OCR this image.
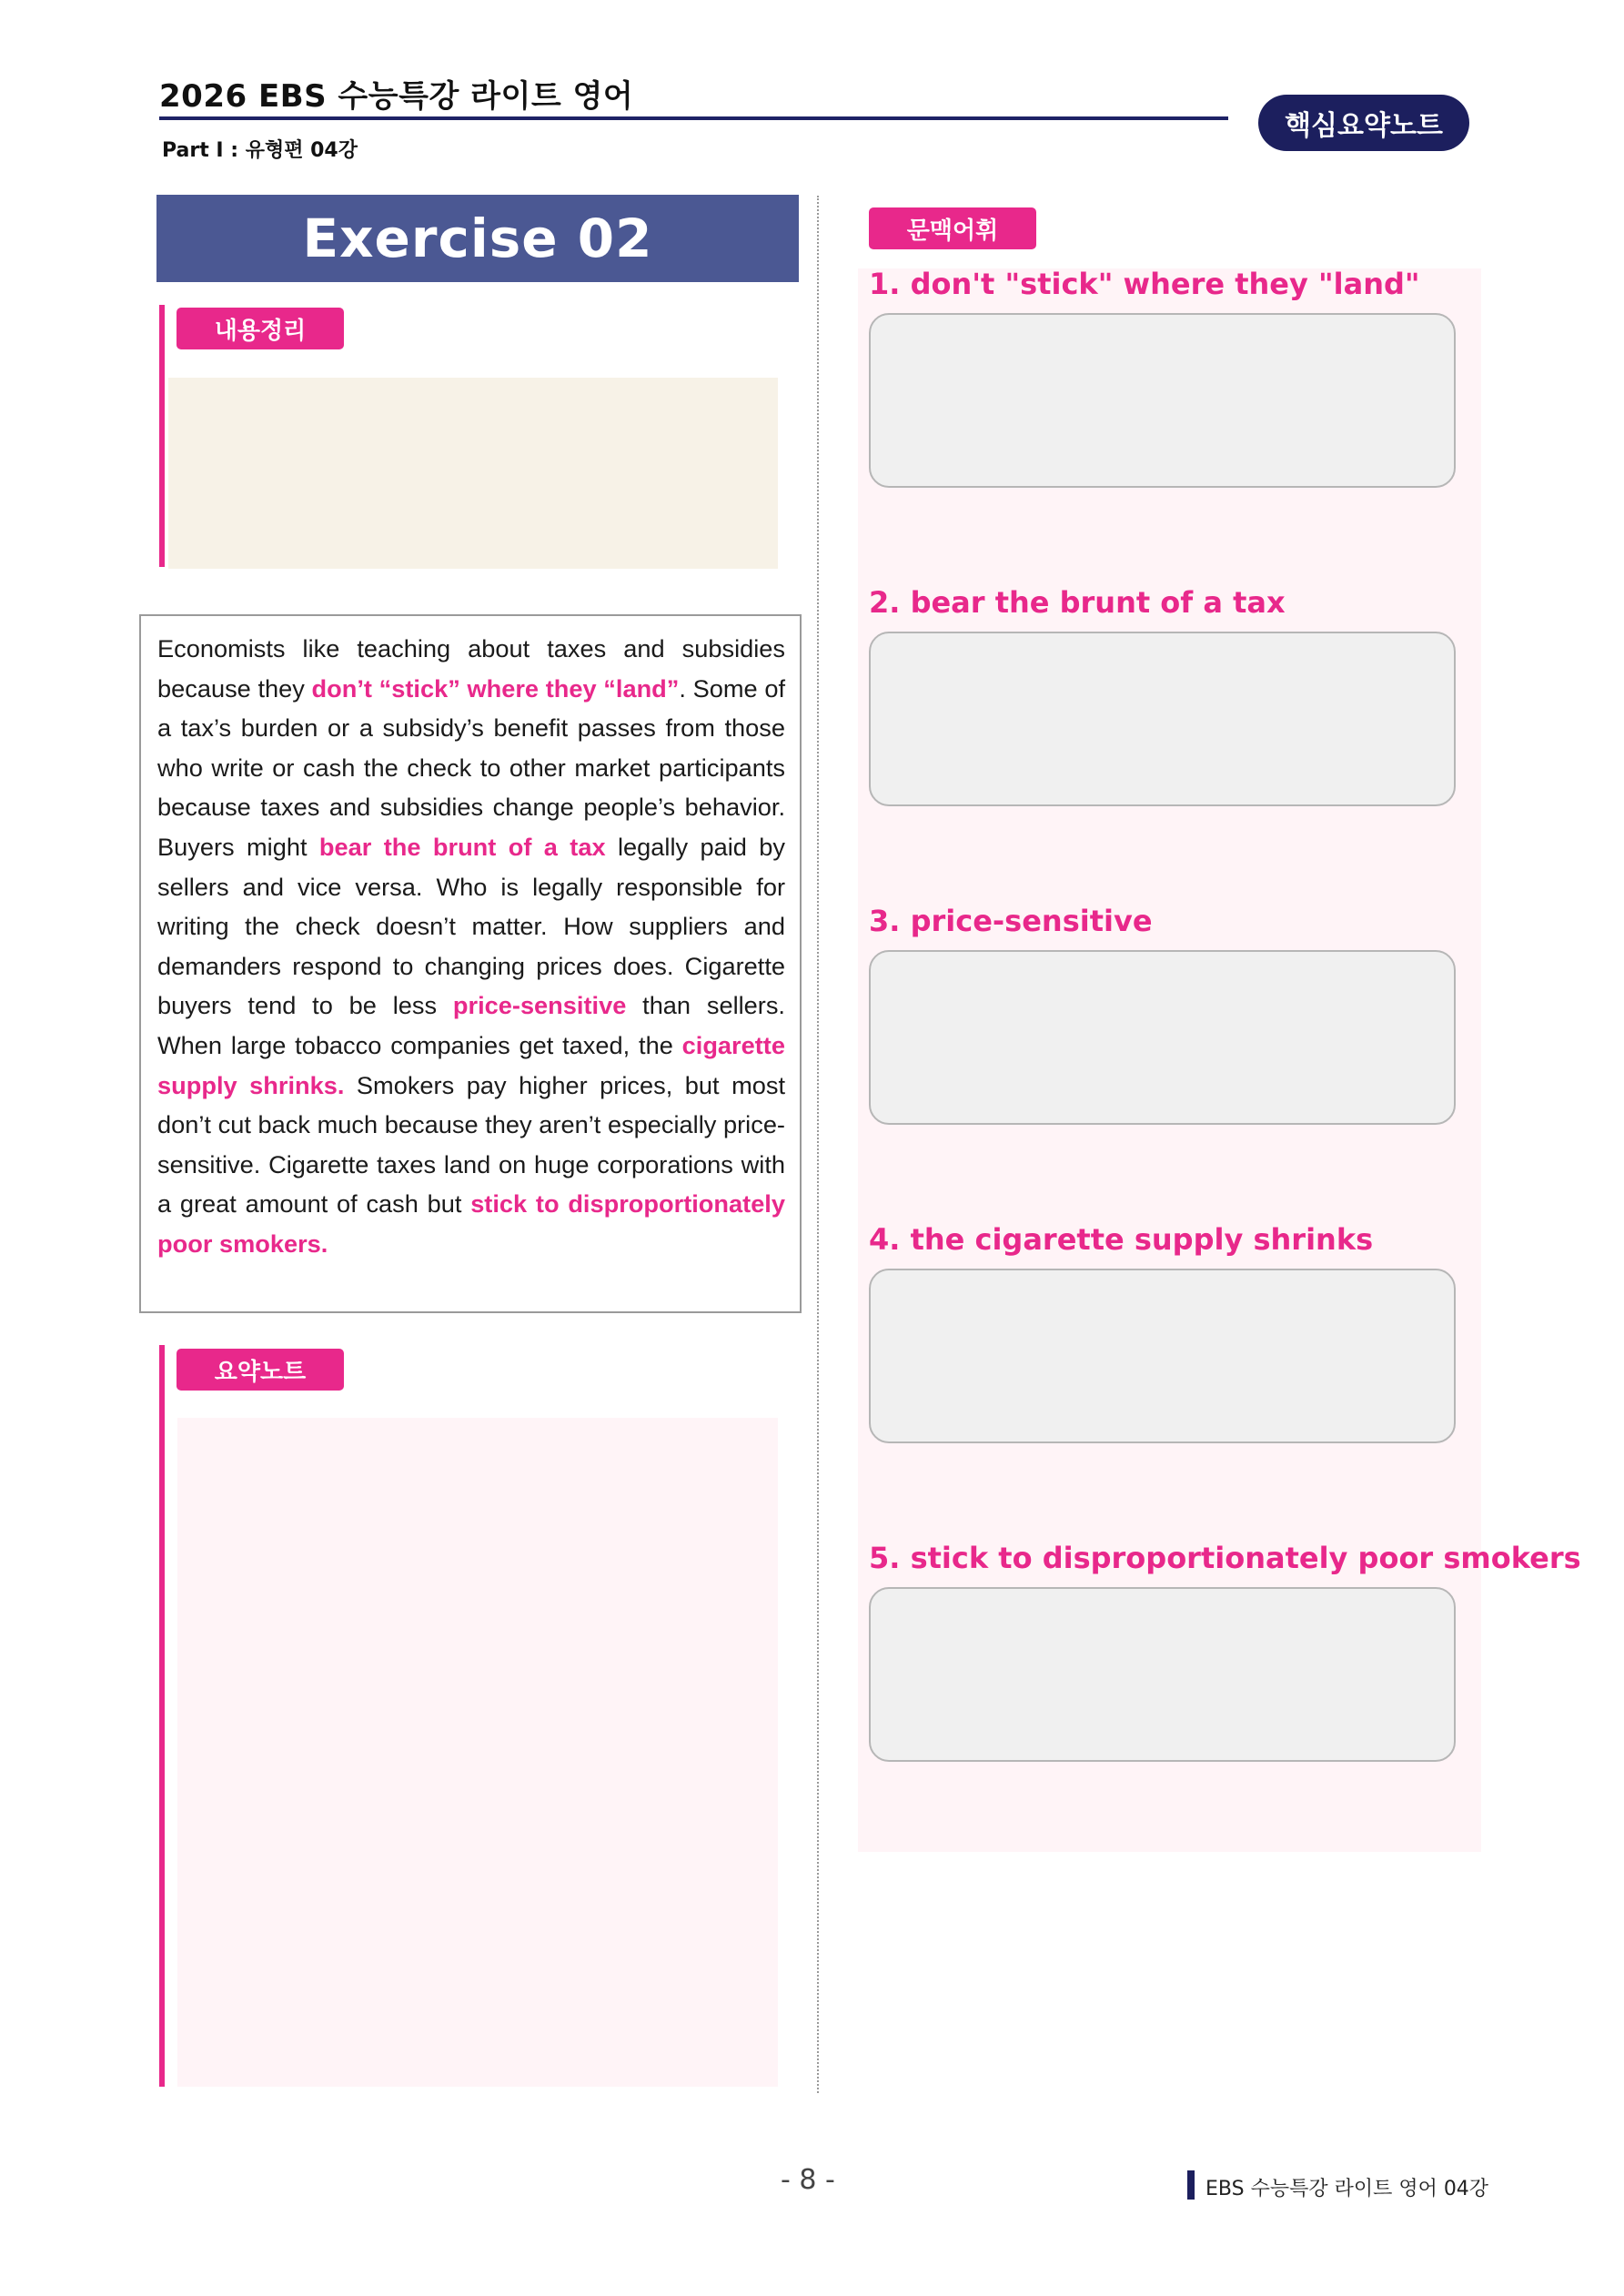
2026 EBS 수능특강 라이트 영어
Part Ⅰ : 유형편 04강
핵심요약노트
Exercise 02
내용정리
Economists like teaching about taxes and subsidies because they don’t “stick” where they “land”. Some of a tax’s burden or a subsidy’s benefit passes from those who write or cash the check to other market participants because taxes and subsidies change people’s behavior. Buyers might bear the brunt of a tax legally paid by sellers and vice versa. Who is legally responsible for writing the check doesn’t matter. How suppliers and demanders respond to changing prices does. Cigarette buyers tend to be less price-sensitive than sellers. When large tobacco companies get taxed, the cigarette supply shrinks. Smokers pay higher prices, but most don’t cut back much because they aren’t especially price-sensitive. Cigarette taxes land on huge corporations with a great amount of cash but stick to disproportionately poor smokers.
요약노트
문맥어휘
1. don't "stick" where they "land"
2. bear the brunt of a tax
3. price-sensitive
4. the cigarette supply shrinks
5. stick to disproportionately poor smokers
- 8 -	EBS 수능특강 라이트 영어 04강
